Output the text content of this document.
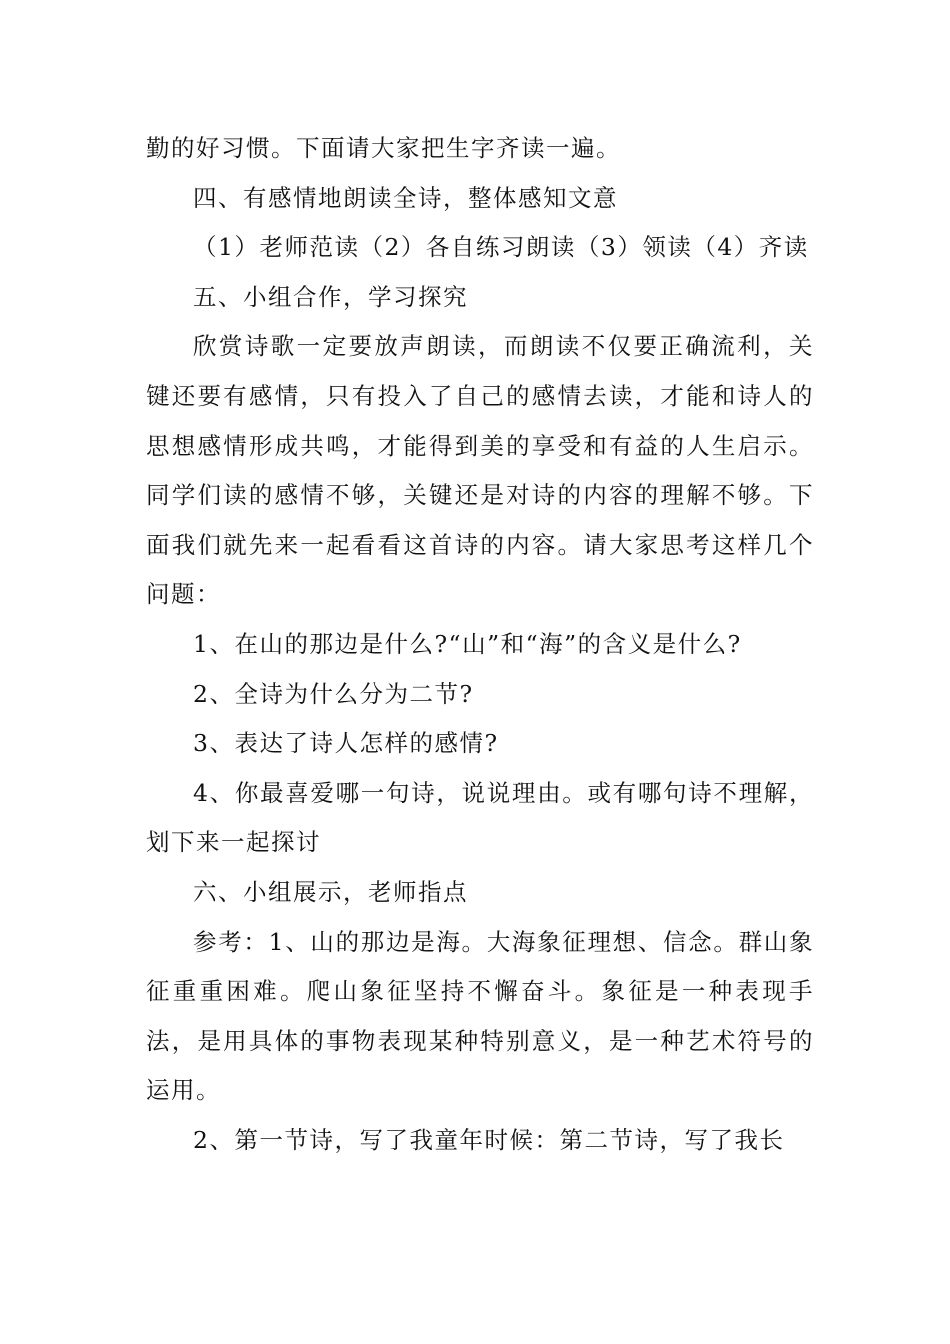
勤的好习惯。下面请大家把生字齐读一遍。

四、有感情地朗读全诗，整体感知文意

（1）老师范读（2）各自练习朗读（3）领读（4）齐读

五、小组合作，学习探究

欣赏诗歌一定要放声朗读，而朗读不仅要正确流利，关键还要有感情，只有投入了自己的感情去读，才能和诗人的思想感情形成共鸣，才能得到美的享受和有益的人生启示。同学们读的感情不够，关键还是对诗的内容的理解不够。下面我们就先来一起看看这首诗的内容。请大家思考这样几个问题：

1、在山的那边是什么?“山”和“海”的含义是什么?

2、全诗为什么分为二节?

3、表达了诗人怎样的感情?

4、你最喜爱哪一句诗，说说理由。或有哪句诗不理解，划下来一起探讨

六、小组展示，老师指点

参考：1、山的那边是海。大海象征理想、信念。群山象征重重困难。爬山象征坚持不懈奋斗。象征是一种表现手法，是用具体的事物表现某种特别意义，是一种艺术符号的运用。

2、第一节诗，写了我童年时候：第二节诗，写了我长
